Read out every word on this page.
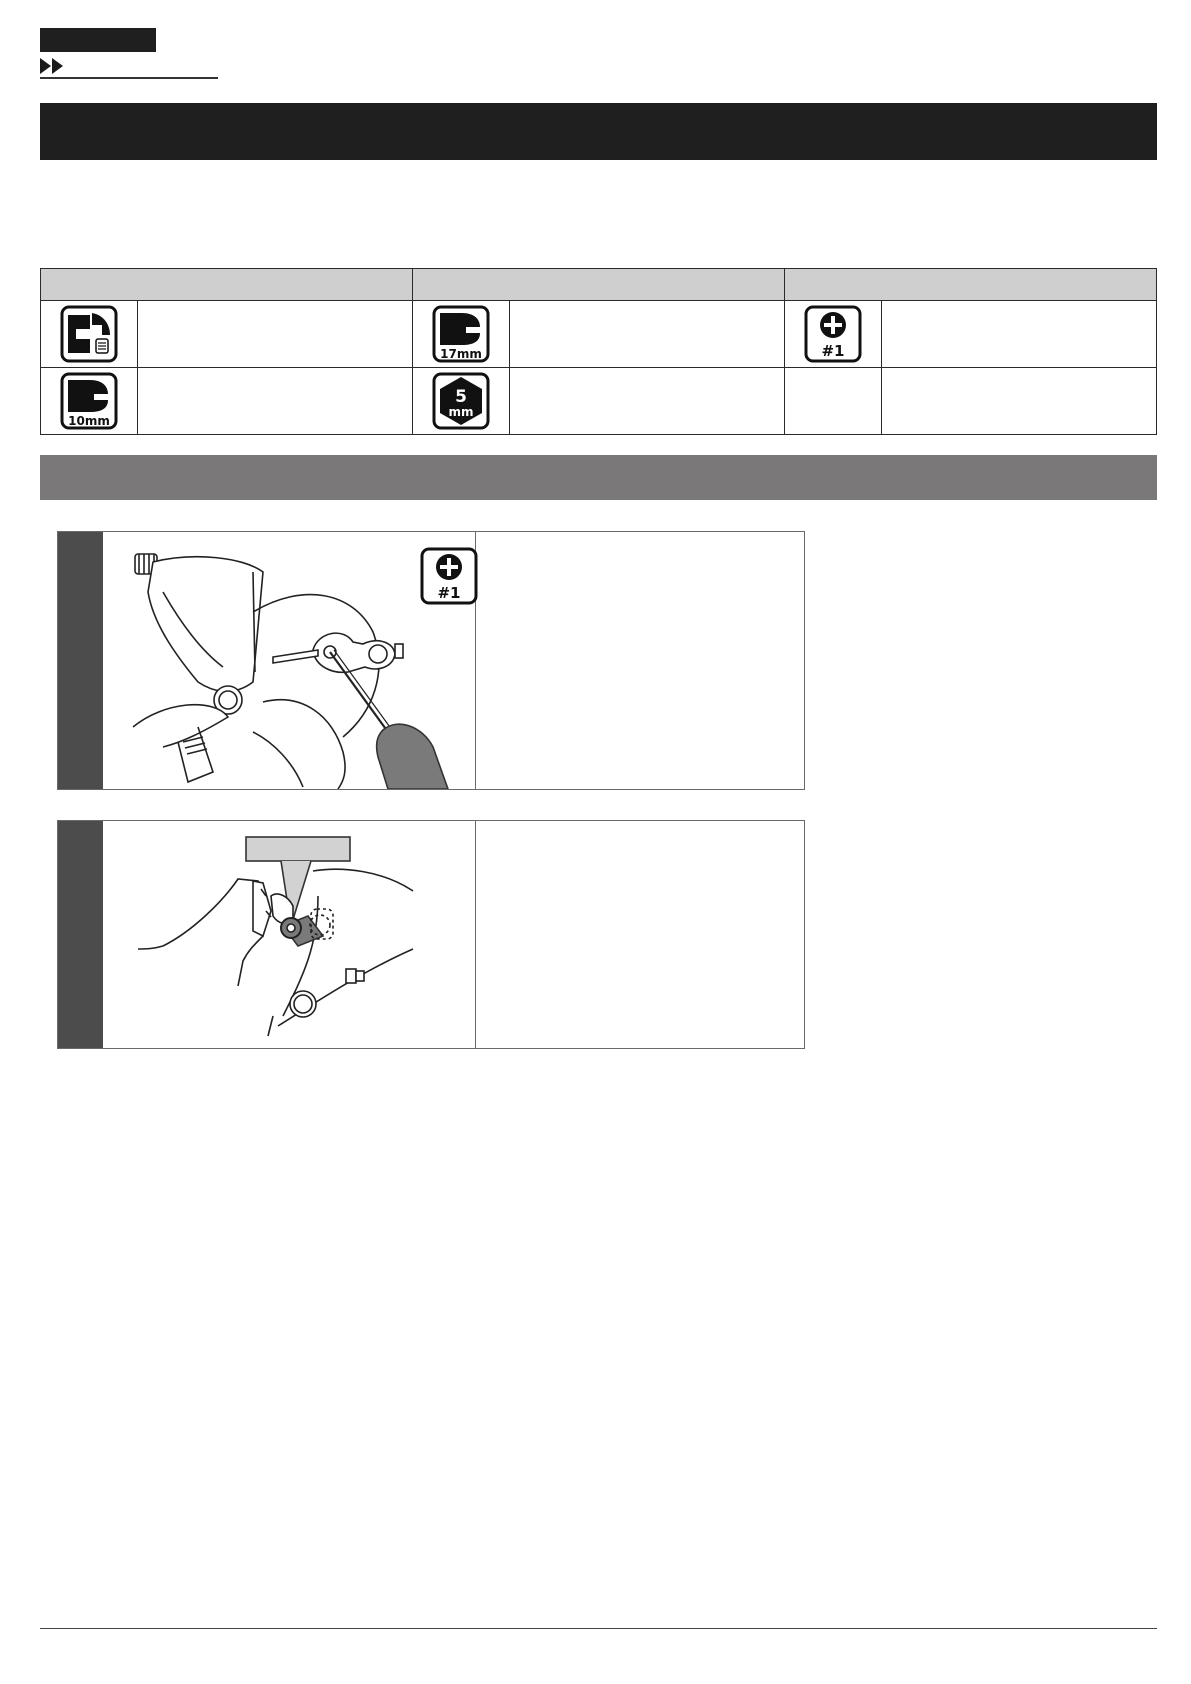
17mm	#1
10mm
5
mm
#1
